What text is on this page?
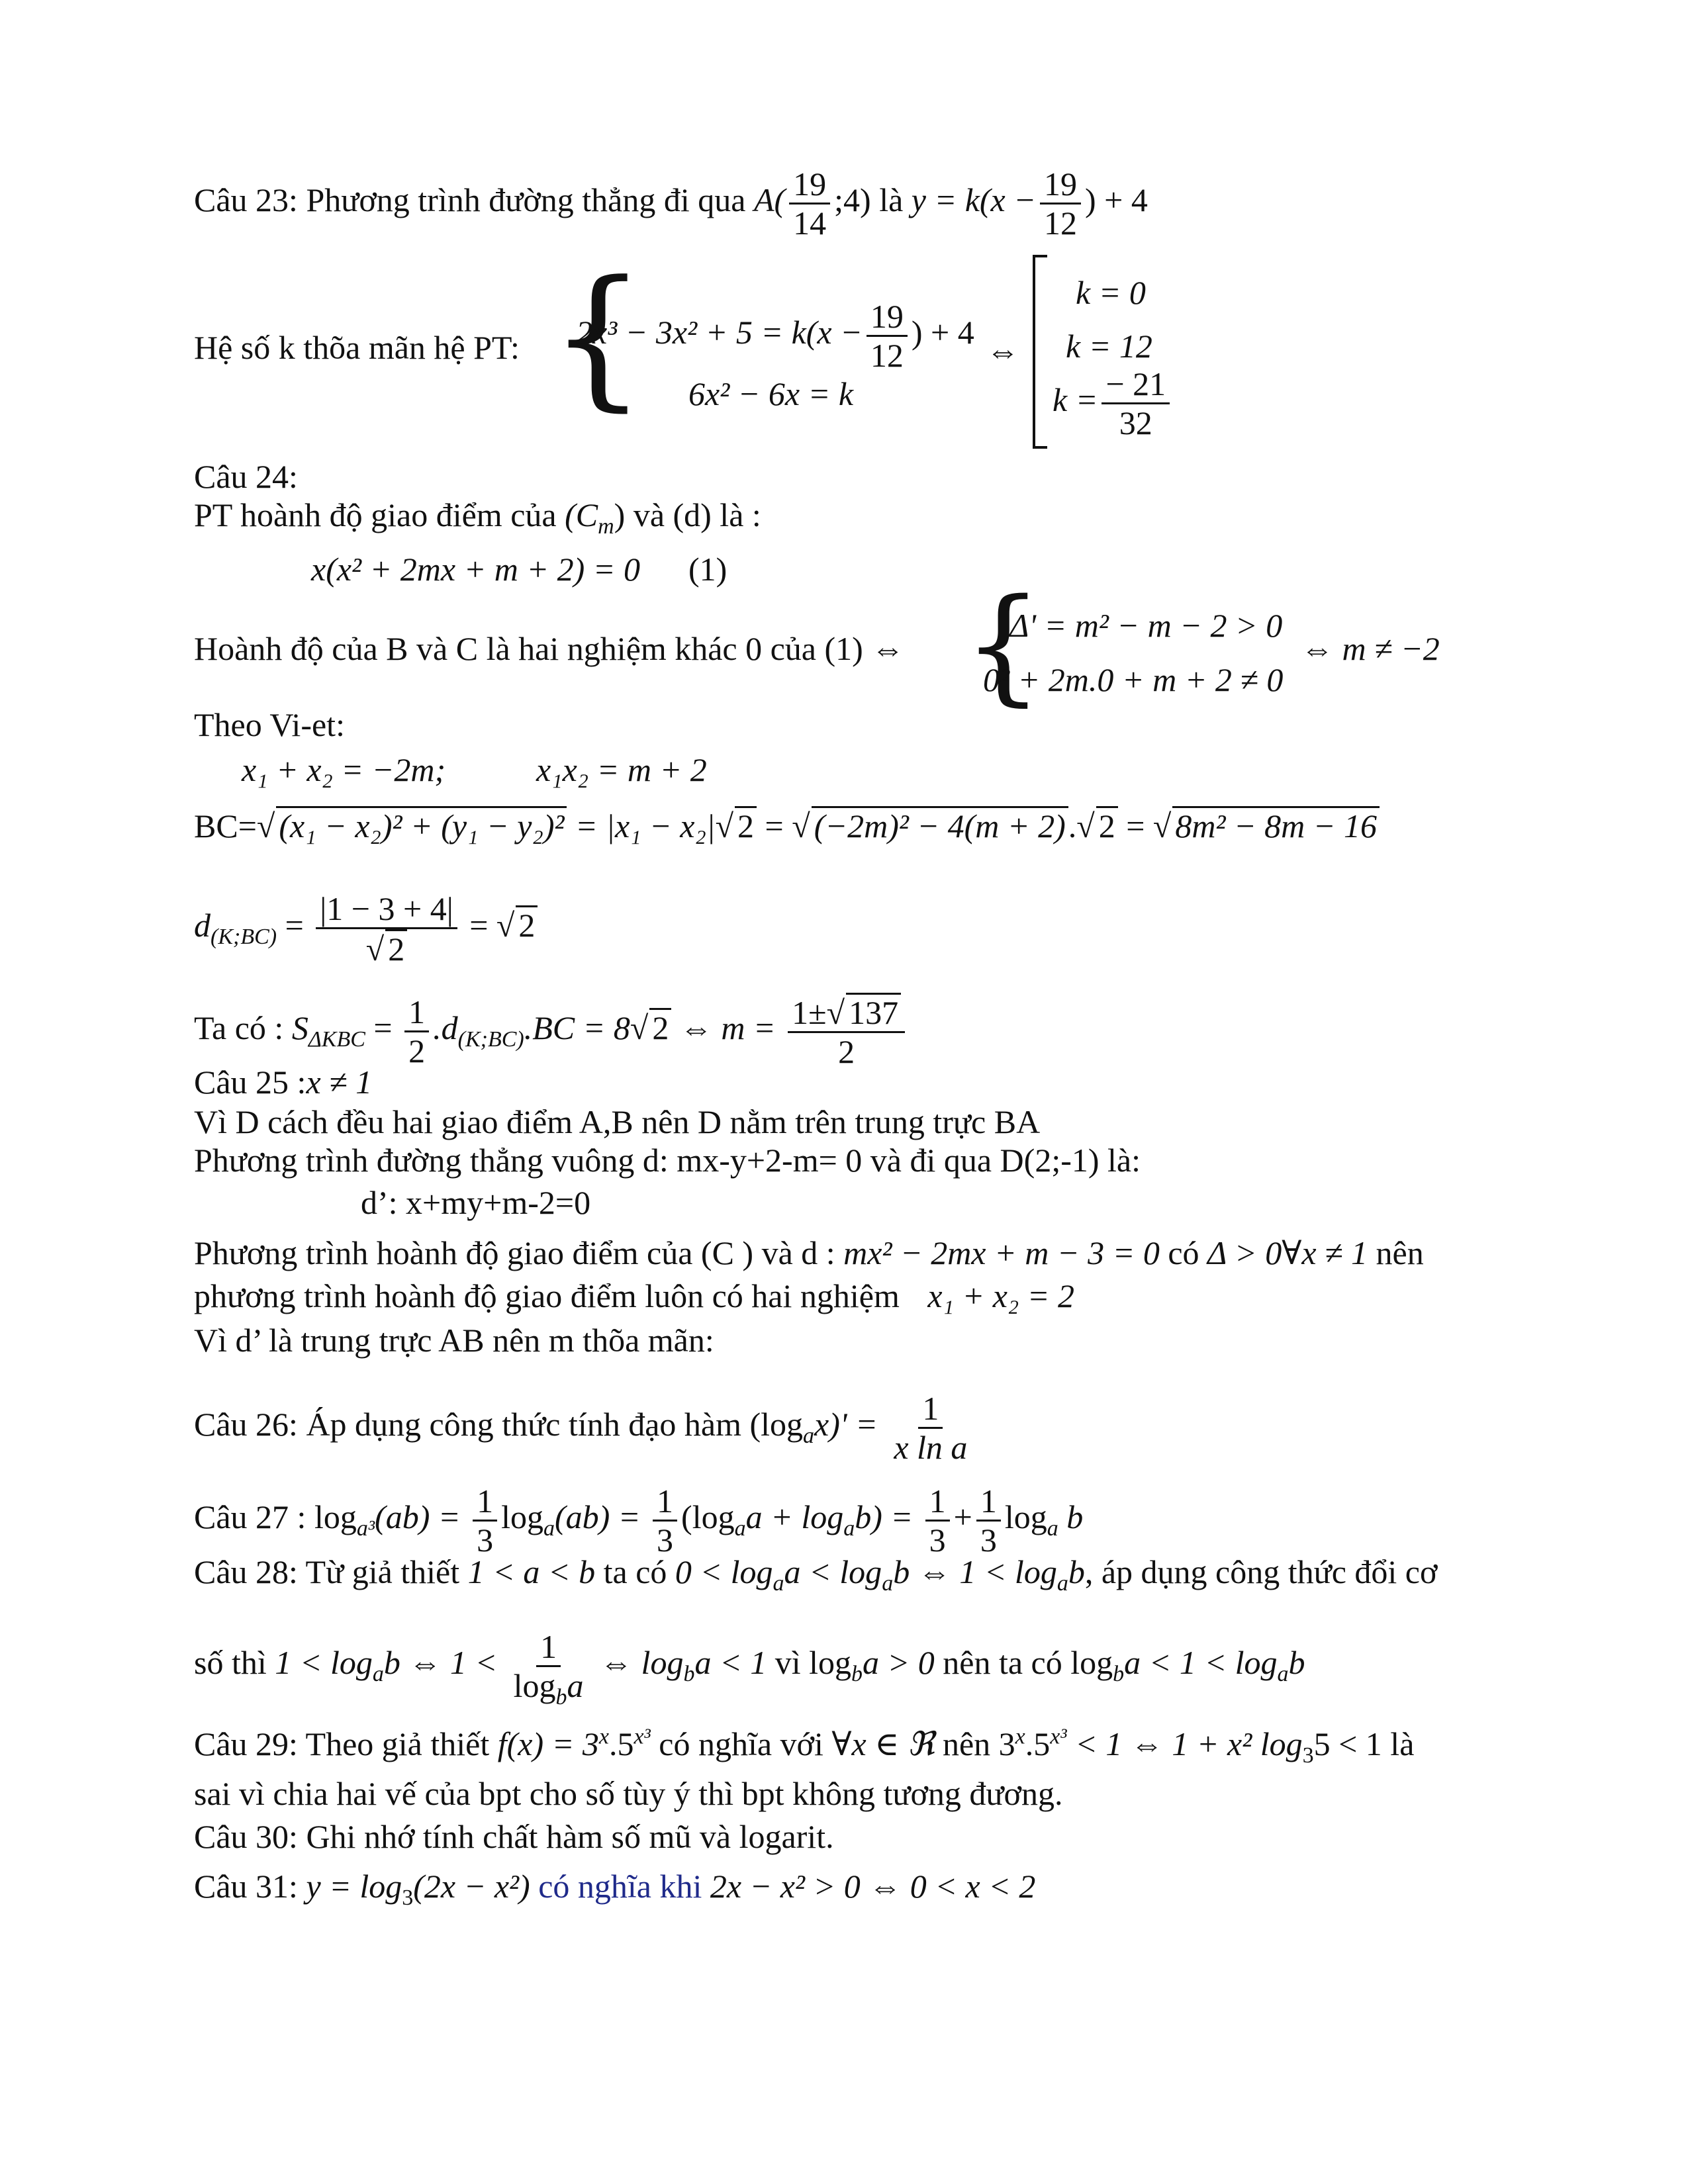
Câu 23: Phương trình đường thẳng đi qua $A( \frac{19}{14}$ ;4) là $y = k(x - \frac{19}{12}$ ) + 4
Hệ số k thõa mãn hệ PT: {
$2x^3 - 3x^2 + 5 = k(x - \frac{19}{12}$ ) + 4
6x² − 6x = k
⇔
k = 0
k = 12
$k = \frac{- 21}{32}$
Câu 24:
PT hoành độ giao điểm của $(C_m)$ và (d) là :
x(x² + 2mx + m + 2) = 0 (1)
Hoành độ của B và C là hai nghiệm khác 0 của (1) ⇔ {
Δ' = m² − m − 2 > 0
0² + 2m.0 + m + 2 ≠ 0
⇔ m ≠ −2
Theo Vi-et:
x₁ + x₂ = −2m;	x₁x₂ = m + 2
BC=√ (x₁ − x₂)² + (y₁ − y₂)² = |x₁ − x₂|√ 2 = √ (−2m)² − 4(m + 2).√ 2 = √ 8m² − 8m − 16
$d_{(K;BC)} = \frac{|1 - 3 + 4|}{√ 2}$ = √ 2
Ta có : $S_{\Delta KBC} = \frac{1}{2} .d_{(K;BC)}.BC = 8√$ 2 ⇔ $m = \frac{1\pm√ 137}{2}$
Câu 25 :x ≠ 1
Vì D cách đều hai giao điểm A,B nên D nằm trên trung trực BA
Phương trình đường thẳng vuông d: mx-y+2-m= 0 và đi qua D(2;-1) là:
d’: x+my+m-2=0
Phương trình hoành độ giao điểm của (C ) và d : mx² − 2mx + m − 3 = 0 có Δ > 0∀x ≠ 1 nên
phương trình hoành độ giao điểm luôn có hai nghiệm x₁ + x₂ = 2
Vì d’ là trung trực AB nên m thõa mãn:
Câu 26: Áp dụng công thức tính đạo hàm $(\log_ax)' = \frac{1}{\text{x ln a}}$
Câu 27 : $\log_{a^3}(ab) = \frac{1}{3} \log_a(ab) = \frac{1}{3} (\log_aa + \log_ab) = \frac{1}{3} + \frac{1}{3} \log_a b$
Câu 28: Từ giả thiết 1 < a < b ta có $0 < \log_aa < \log_ab$ ⇔ $1 < \log_ab$, áp dụng công thức đổi cơ
số thì $1 < \log_ab$ ⇔ $1 < \frac{1}{\log_ba}$ ⇔ $\log_ba < 1$ vì $\log_ba > 0$ nên ta có $\log_ba < 1 < \log_ab$
Câu 29: Theo giả thiết $f(x) = 3^x.5^{x^3}$ có nghĩa với ∀x ∈ ℜ nên $3^x.5^{x^3} < 1$ ⇔ 1 + x² $\log_35 < 1$ là
sai vì chia hai vế của bpt cho số tùy ý thì bpt không tương đương.
Câu 30: Ghi nhớ tính chất hàm số mũ và logarit.
Câu 31: $y = \log_3(2x - x^2)$ có nghĩa khi 2x − x² > 0 ⇔ 0 < x < 2
